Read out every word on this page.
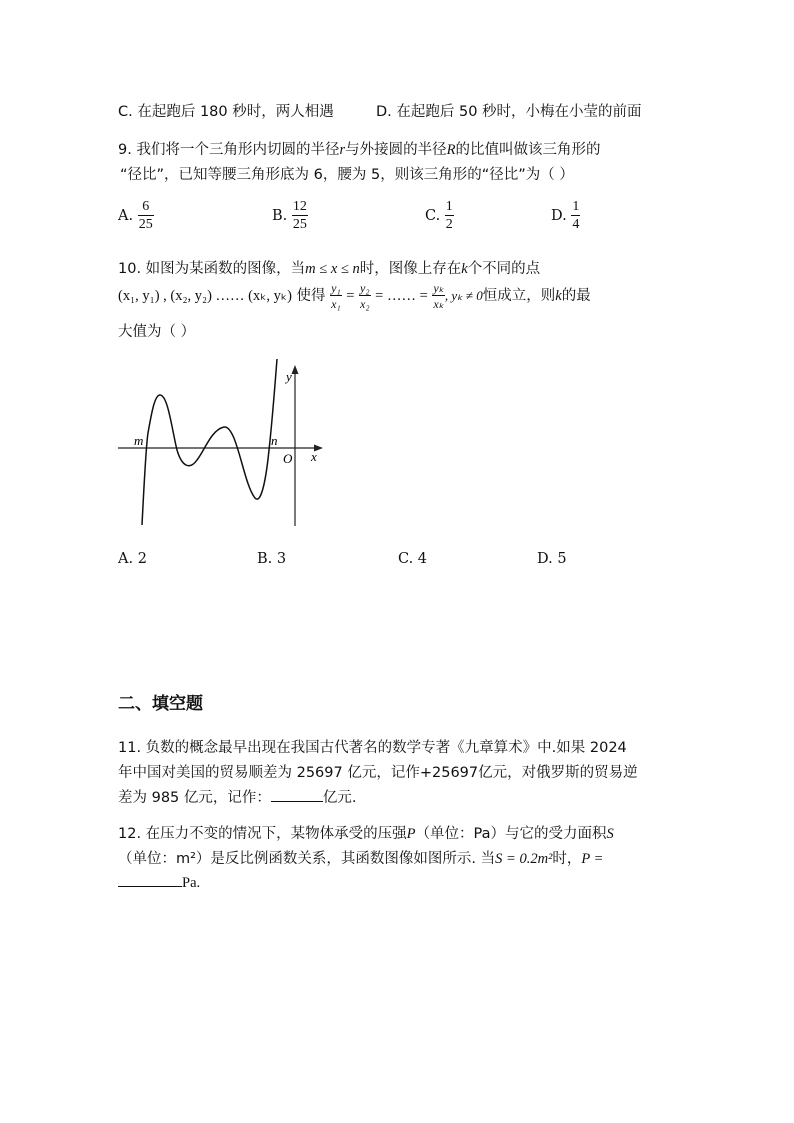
C. 在起跑后 180 秒时，两人相遇	D. 在起跑后 50 秒时，小梅在小莹的前面
9. 我们将一个三角形内切圆的半径r与外接圆的半径R的比值叫做该三角形的
“径比”，已知等腰三角形底为 6，腰为 5，则该三角形的“径比”为（ ）
A. $\frac{6}{25}$	B. $\frac{12}{25}$	C. $\frac{1}{2}$	D. $\frac{1}{4}$
10. 如图为某函数的图像，当m ≤ x ≤ n时，图像上存在k个不同的点
(x₁, y₁) , (x₂, y₂) …… (xₖ, yₖ) 使得 $\frac{\text{y₁}}{\text{x₁}} = \frac{\text{y₂}}{\text{x₂}}$ = …… = $\frac{\text{yₖ}}{\text{xₖ}}$ , yₖ ≠ 0恒成立，则k的最
大值为（ ）
m	n
O x
y
A. 2	B. 3	C. 4	D. 5
二、填空题
11. 负数的概念最早出现在我国古代著名的数学专著《九章算术》中.如果 2024
年中国对美国的贸易顺差为 25697 亿元，记作+25697亿元，对俄罗斯的贸易逆
差为 985 亿元，记作：	亿元.
12. 在压力不变的情况下，某物体承受的压强P（单位：Pa）与它的受力面积S
（单位：m²）是反比例函数关系，其函数图像如图所示. 当S = 0.2m²时，P =
Pa.
